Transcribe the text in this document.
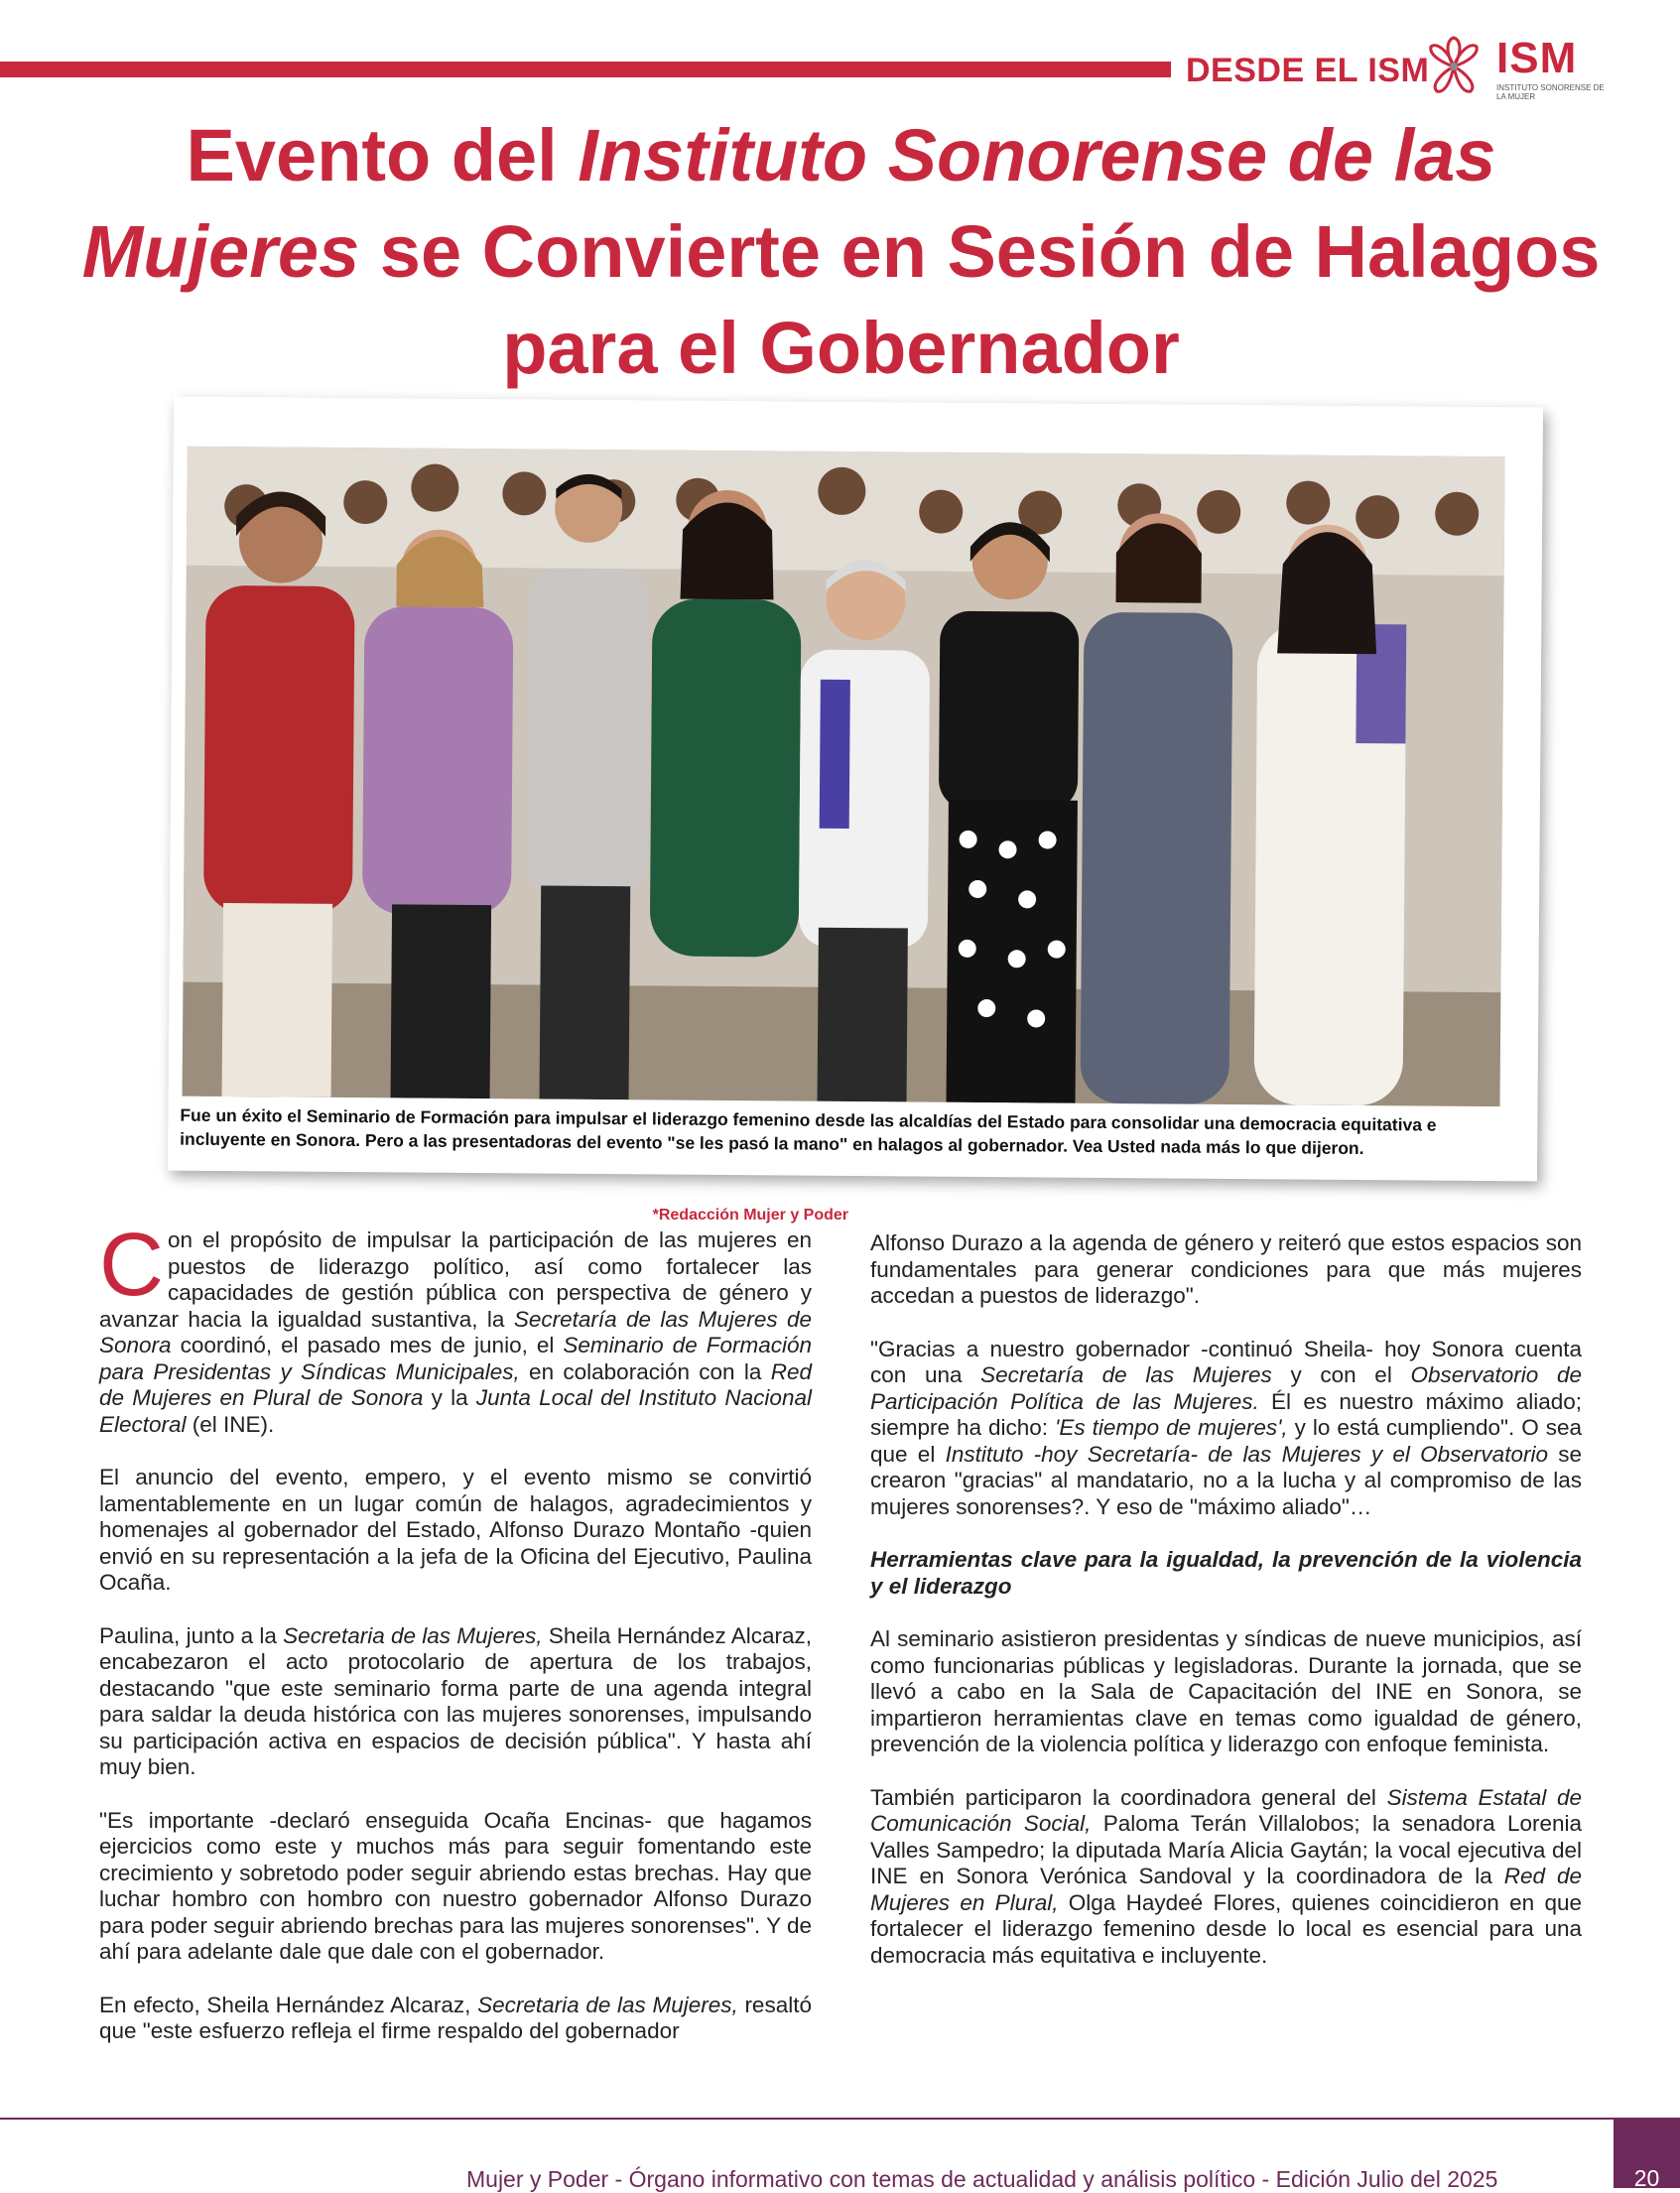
DESDE EL ISM ISM
INSTITUTO SONORENSE DE LA MUJER
Evento del Instituto Sonorense de las Mujeres se Convierte en Sesión de Halagos para el Gobernador
Fue un éxito el Seminario de Formación para impulsar el liderazgo femenino desde las alcaldías del Estado para consolidar una democracia equitativa e incluyente en Sonora. Pero a las presentadoras del evento "se les pasó la mano" en halagos al gobernador. Vea Usted nada más lo que dijeron.
*Redacción Mujer y Poder

Con el propósito de impulsar la participación de las mujeres en puestos de liderazgo político, así como fortalecer las capacidades de gestión pública con perspectiva de género y avanzar hacia la igualdad sustantiva, la Secretaría de las Mujeres de Sonora coordinó, el pasado mes de junio, el Seminario de Formación para Presidentas y Síndicas Municipales, en colaboración con la Red de Mujeres en Plural de Sonora y la Junta Local del Instituto Nacional Electoral (el INE).

El anuncio del evento, empero, y el evento mismo se convirtió lamentablemente en un lugar común de halagos, agradecimientos y homenajes al gobernador del Estado, Alfonso Durazo Montaño -quien envió en su representación a la jefa de la Oficina del Ejecutivo, Paulina Ocaña.

Paulina, junto a la Secretaria de las Mujeres, Sheila Hernández Alcaraz, encabezaron el acto protocolario de apertura de los trabajos, destacando "que este seminario forma parte de una agenda integral para saldar la deuda histórica con las mujeres sonorenses, impulsando su participación activa en espacios de decisión pública". Y hasta ahí muy bien.

"Es importante -declaró enseguida Ocaña Encinas- que hagamos ejercicios como este y muchos más para seguir fomentando este crecimiento y sobretodo poder seguir abriendo estas brechas. Hay que luchar hombro con hombro con nuestro gobernador Alfonso Durazo para poder seguir abriendo brechas para las mujeres sonorenses". Y de ahí para adelante dale que dale con el gobernador.

En efecto, Sheila Hernández Alcaraz, Secretaria de las Mujeres, resaltó que "este esfuerzo refleja el firme respaldo del gobernador

Alfonso Durazo a la agenda de género y reiteró que estos espacios son fundamentales para generar condiciones para que más mujeres accedan a puestos de liderazgo".

"Gracias a nuestro gobernador -continuó Sheila- hoy Sonora cuenta con una Secretaría de las Mujeres y con el Observatorio de Participación Política de las Mujeres. Él es nuestro máximo aliado; siempre ha dicho: 'Es tiempo de mujeres', y lo está cumpliendo". O sea que el Instituto -hoy Secretaría- de las Mujeres y el Observatorio se crearon "gracias" al mandatario, no a la lucha y al compromiso de las mujeres sonorenses?. Y eso de "máximo aliado"…

Herramientas clave para la igualdad, la prevención de la violencia y el liderazgo

Al seminario asistieron presidentas y síndicas de nueve municipios, así como funcionarias públicas y legisladoras. Durante la jornada, que se llevó a cabo en la Sala de Capacitación del INE en Sonora, se impartieron herramientas clave en temas como igualdad de género, prevención de la violencia política y liderazgo con enfoque feminista.

También participaron la coordinadora general del Sistema Estatal de Comunicación Social, Paloma Terán Villalobos; la senadora Lorenia Valles Sampedro; la diputada María Alicia Gaytán; la vocal ejecutiva del INE en Sonora Verónica Sandoval y la coordinadora de la Red de Mujeres en Plural, Olga Haydeé Flores, quienes coincidieron en que fortalecer el liderazgo femenino desde lo local es esencial para una democracia más equitativa e incluyente.

Mujer y Poder - Órgano informativo con temas de actualidad y análisis político - Edición Julio del 2025	20
